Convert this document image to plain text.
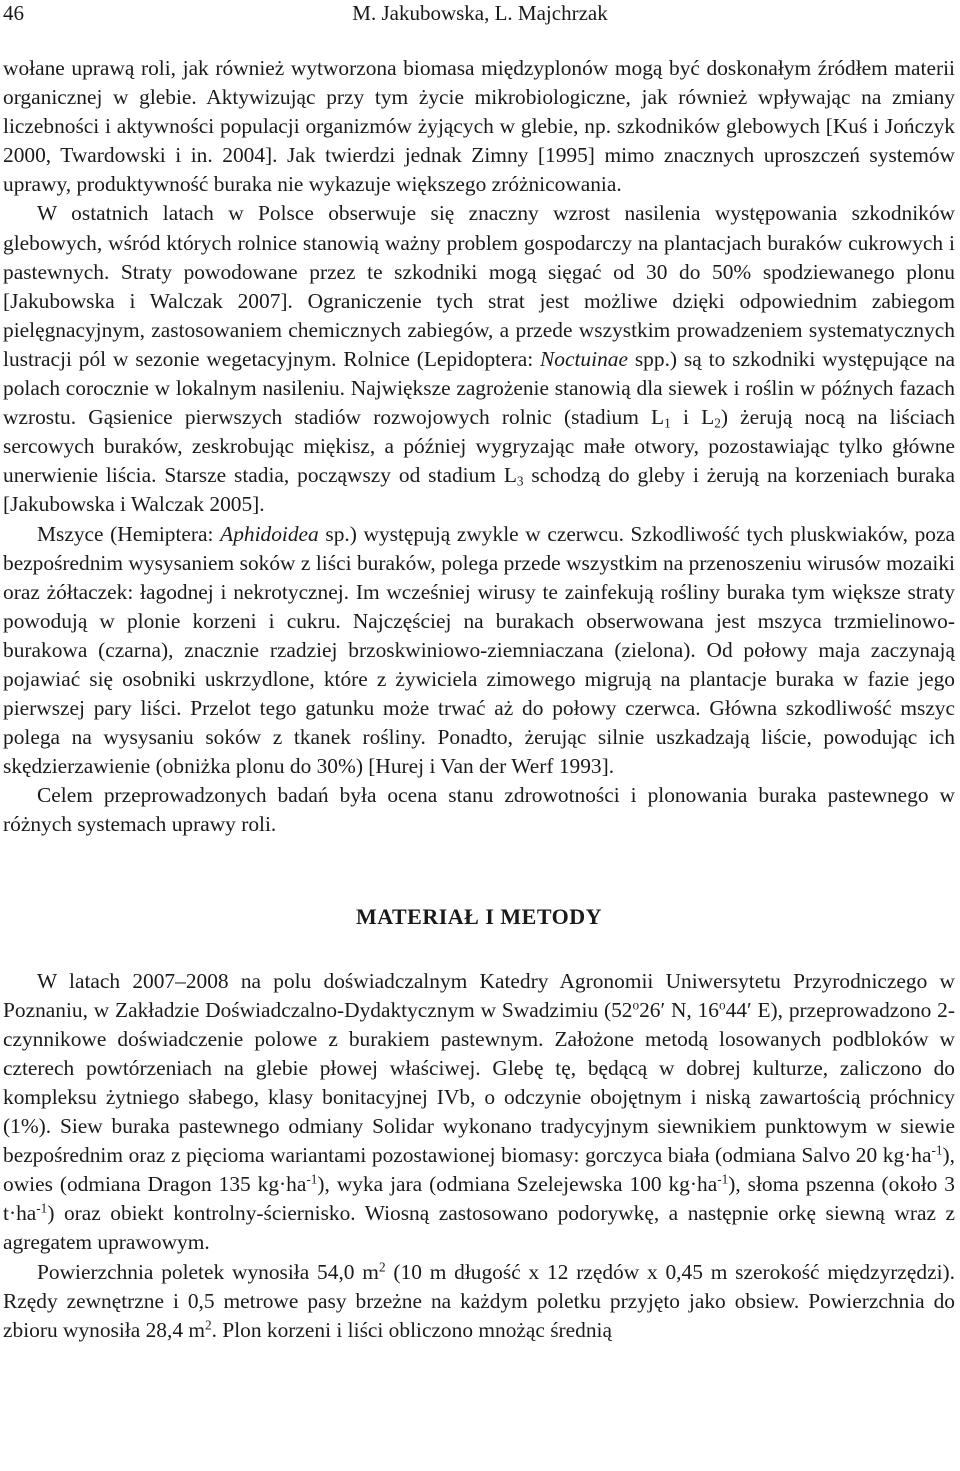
46	M. Jakubowska, L. Majchrzak

wołane uprawą roli, jak również wytworzona biomasa międzyplonów mogą być doskonałym źródłem materii organicznej w glebie. Aktywizując przy tym życie mikrobiologiczne, jak również wpływając na zmiany liczebności i aktywności populacji organizmów żyjących w glebie, np. szkodników glebowych [Kuś i Jończyk 2000, Twardowski i in. 2004]. Jak twierdzi jednak Zimny [1995] mimo znacznych uproszczeń systemów uprawy, produktywność buraka nie wykazuje większego zróżnicowania.

W ostatnich latach w Polsce obserwuje się znaczny wzrost nasilenia występowania szkodników glebowych, wśród których rolnice stanowią ważny problem gospodarczy na plantacjach buraków cukrowych i pastewnych. Straty powodowane przez te szkodniki mogą sięgać od 30 do 50% spodziewanego plonu [Jakubowska i Walczak 2007]. Ograniczenie tych strat jest możliwe dzięki odpowiednim zabiegom pielęgnacyjnym, zastosowaniem chemicznych zabiegów, a przede wszystkim prowadzeniem systematycznych lustracji pól w sezonie wegetacyjnym. Rolnice (Lepidoptera: Noctuinae spp.) są to szkodniki występujące na polach corocznie w lokalnym nasileniu. Największe zagrożenie stanowią dla siewek i roślin w późnych fazach wzrostu. Gąsienice pierwszych stadiów rozwojowych rolnic (stadium $L_1$ i $L_2$) żerują nocą na liściach sercowych buraków, zeskrobując miękisz, a później wygryzając małe otwory, pozostawiając tylko główne unerwienie liścia. Starsze stadia, począwszy od stadium $L_3$ schodzą do gleby i żerują na korzeniach buraka [Jakubowska i Walczak 2005].

Mszyce (Hemiptera: Aphidoidea sp.) występują zwykle w czerwcu. Szkodliwość tych pluskwiaków, poza bezpośrednim wysysaniem soków z liści buraków, polega przede wszystkim na przenoszeniu wirusów mozaiki oraz żółtaczek: łagodnej i nekrotycznej. Im wcześniej wirusy te zainfekują rośliny buraka tym większe straty powodują w plonie korzeni i cukru. Najczęściej na burakach obserwowana jest mszyca trzmielinowo-burakowa (czarna), znacznie rzadziej brzoskwiniowo-ziemniaczana (zielona). Od połowy maja zaczynają pojawiać się osobniki uskrzydlone, które z żywiciela zimowego migrują na plantacje buraka w fazie jego pierwszej pary liści. Przelot tego gatunku może trwać aż do połowy czerwca. Główna szkodliwość mszyc polega na wysysaniu soków z tkanek rośliny. Ponadto, żerując silnie uszkadzają liście, powodując ich skędzierzawienie (obniżka plonu do 30%) [Hurej i Van der Werf 1993].

Celem przeprowadzonych badań była ocena stanu zdrowotności i plonowania buraka pastewnego w różnych systemach uprawy roli.

MATERIAŁ I METODY

W latach 2007–2008 na polu doświadczalnym Katedry Agronomii Uniwersytetu Przyrodniczego w Poznaniu, w Zakładzie Doświadczalno-Dydaktycznym w Swadzimiu (52$^o$26′ N, 16$^o$44′ E), przeprowadzono 2-czynnikowe doświadczenie polowe z burakiem pastewnym. Założone metodą losowanych podbloków w czterech powtórzeniach na glebie płowej właściwej. Glebę tę, będącą w dobrej kulturze, zaliczono do kompleksu żytniego słabego, klasy bonitacyjnej IVb, o odczynie obojętnym i niską zawartością próchnicy (1%). Siew buraka pastewnego odmiany Solidar wykonano tradycyjnym siewnikiem punktowym w siewie bezpośrednim oraz z pięcioma wariantami pozostawionej biomasy: gorczyca biała (odmiana Salvo 20 $kg\cdot ha^{-1}$), owies (odmiana Dragon 135 $kg\cdot ha^{-1}$), wyka jara (odmiana Szelejewska 100 $kg\cdot ha^{-1}$), słoma pszenna (około 3 $t\cdot ha^{-1}$) oraz obiekt kontrolny-ściernisko. Wiosną zastosowano podorywkę, a następnie orkę siewną wraz z agregatem uprawowym.

Powierzchnia poletek wynosiła 54,0 $m^2$ (10 m długość x 12 rzędów x 0,45 m szerokość międzyrzędzi). Rzędy zewnętrzne i 0,5 metrowe pasy brzeżne na każdym poletku przyjęto jako obsiew. Powierzchnia do zbioru wynosiła 28,4 $m^2$. Plon korzeni i liści obliczono mnożąc średnią
